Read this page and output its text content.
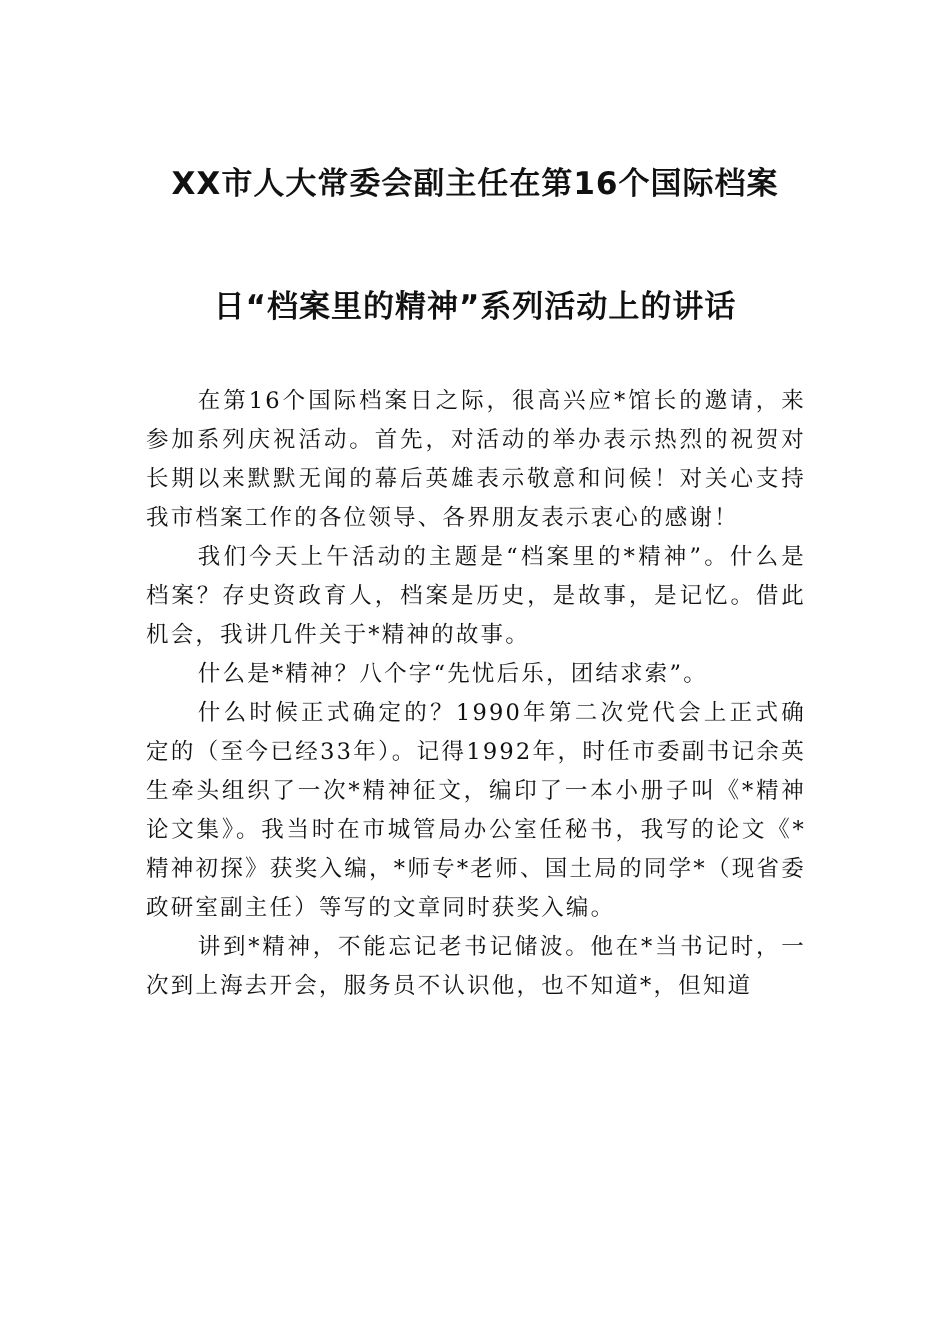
XX市人大常委会副主任在第16个国际档案
日“档案里的精神”系列活动上的讲话

在第16个国际档案日之际，很高兴应*馆长的邀请，来参加系列庆祝活动。首先，对活动的举办表示热烈的祝贺对长期以来默默无闻的幕后英雄表示敬意和问候！对关心支持我市档案工作的各位领导、各界朋友表示衷心的感谢！

我们今天上午活动的主题是“档案里的*精神”。什么是档案？存史资政育人，档案是历史，是故事，是记忆。借此机会，我讲几件关于*精神的故事。

什么是*精神？八个字“先忧后乐，团结求索”。

什么时候正式确定的？1990年第二次党代会上正式确定的（至今已经33年）。记得1992年，时任市委副书记余英生牵头组织了一次*精神征文，编印了一本小册子叫《*精神论文集》。我当时在市城管局办公室任秘书，我写的论文《*精神初探》获奖入编，*师专*老师、国土局的同学*（现省委政研室副主任）等写的文章同时获奖入编。

讲到*精神，不能忘记老书记储波。他在*当书记时，一次到上海去开会，服务员不认识他，也不知道*，但知道
